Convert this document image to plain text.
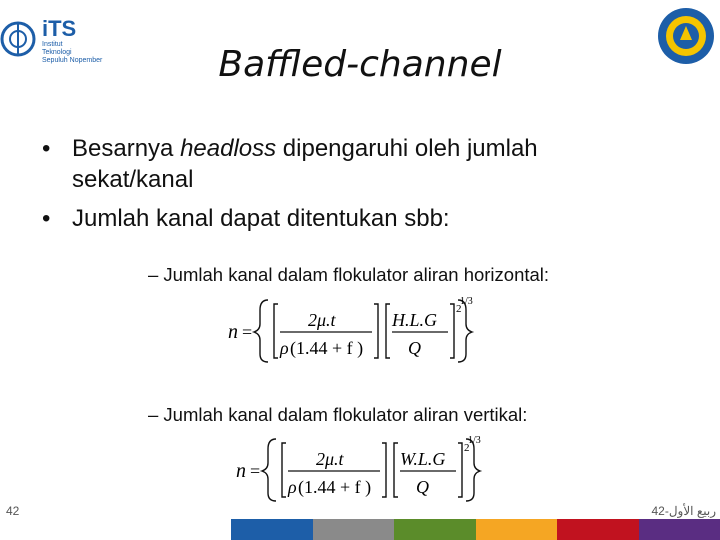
iTS
Institut
Teknologi
Sepuluh Nopember	Baffled-channel
• Besarnya headloss dipengaruhi oleh jumlah sekat/kanal
• Jumlah kanal dapat ditentukan sbb:
– Jumlah kanal dalam flokulator aliran horizontal:
n =
2μ.t
ρ (1.44 + f )
H.L.G
Q
2
1/3
– Jumlah kanal dalam flokulator aliran vertikal:
n =
2μ.t
ρ (1.44 + f )
W.L.G
Q
2
1/3
42	ربيع الأول-42
